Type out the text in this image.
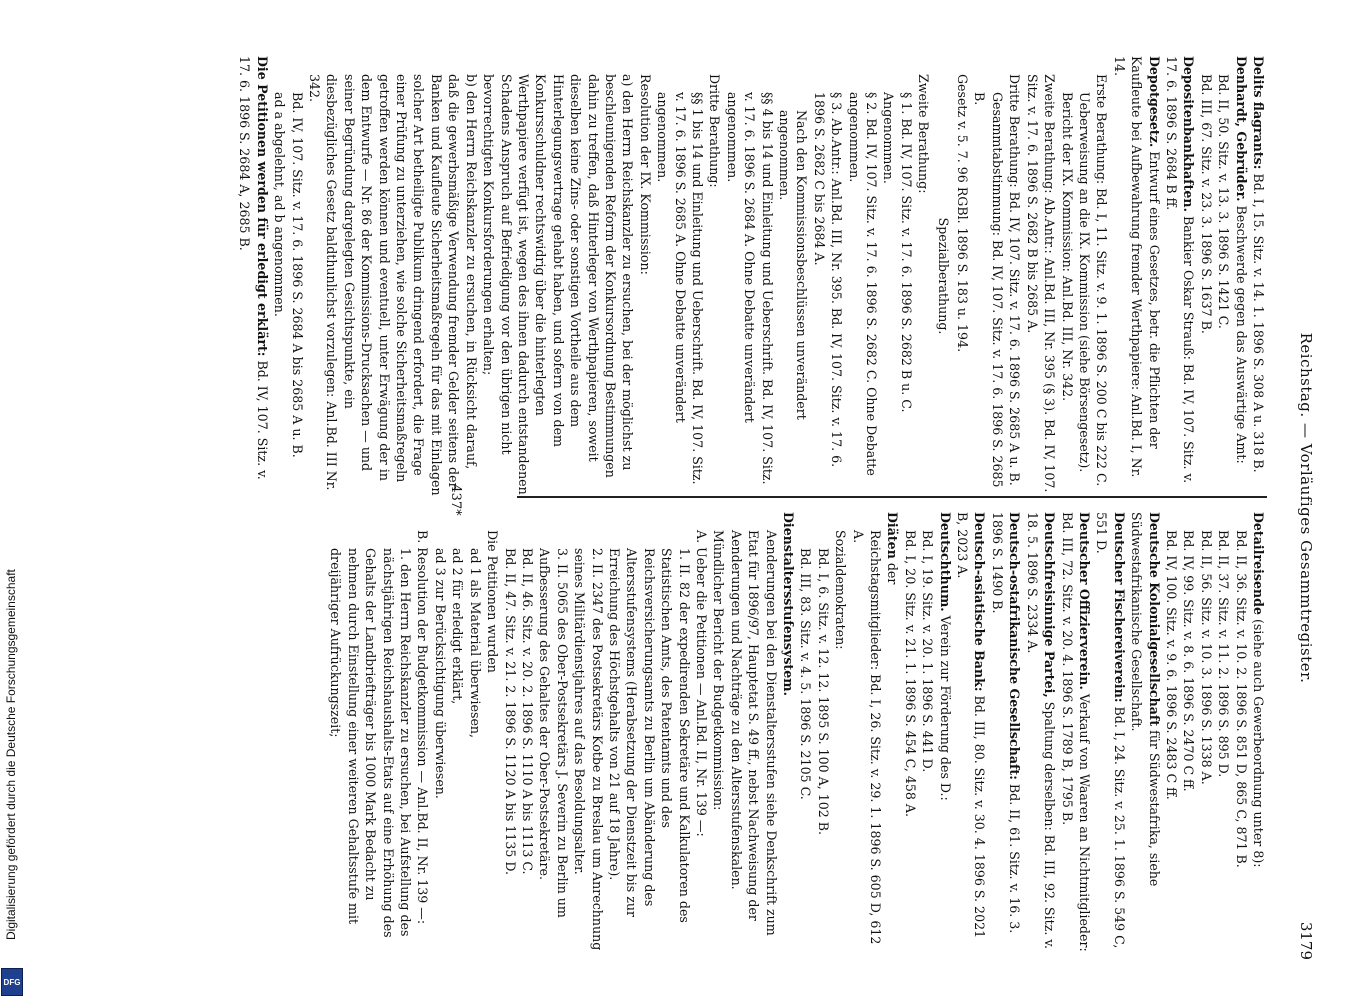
Reichstag. — Vorläufiges Gesammtregister.
3179

Delits flagrants: Bd. I, 15. Sitz. v. 14. 1. 1896 S. 308 A u. 318 B.

Denhardt, Gebrüder. Beschwerde gegen das Auswärtige Amt:

Bd. II, 50. Sitz. v. 13. 3. 1896 S. 1421 C.

Bd. III, 67. Sitz. v. 23. 3. 1896 S. 1637 B.

Depositenbankhaften. Bankier Oskar Strauß: Bd. IV, 107. Sitz. v. 17. 6. 1896 S. 2684 B ff.

Depotgesetz. Entwurf eines Gesetzes, betr. die Pflichten der Kaufleute bei Aufbewahrung fremder Werthpapiere: Anl.Bd. I, Nr. 14.

Erste Berathung: Bd. I, 11. Sitz. v. 9. 1. 1896 S. 200 C bis 222 C.

Ueberweisung an die IX. Kommission (siehe Börsengesetz).

Bericht der IX. Kommission: Anl.Bd. III, Nr. 342.

Zweite Berathung: Ab.Antr.: Anl.Bd. III, Nr. 395 (§ 3). Bd. IV, 107. Sitz. v. 17. 6. 1896 S. 2682 B bis 2685 A.

Dritte Berathung: Bd. IV, 107. Sitz. v. 17. 6. 1896 S. 2685 A u. B.

Gesammtabstimmung: Bd. IV, 107. Sitz. v. 17. 6. 1896 S. 2685 B.

Gesetz v. 5. 7. 96 RGBl. 1896 S. 183 u. 194.

Spezialberathung.

Zweite Berathung:

§ 1. Bd. IV, 107. Sitz. v. 17. 6. 1896 S. 2682 B u. C. Angenommen.

§ 2. Bd. IV, 107. Sitz. v. 17. 6. 1896 S. 2682 C. Ohne Debatte angenommen.

§ 3. Ab.Antr.: Anl.Bd. III, Nr. 395. Bd. IV, 107. Sitz. v. 17. 6. 1896 S. 2682 C bis 2684 A.

Nach den Kommissionsbeschlüssen unverändert angenommen.

§§ 4 bis 14 und Einleitung und Ueberschrift. Bd. IV, 107. Sitz. v. 17. 6. 1896 S. 2684 A. Ohne Debatte unverändert angenommen.

Dritte Berathung:

§§ 1 bis 14 und Einleitung und Ueberschrift. Bd. IV, 107. Sitz. v. 17. 6. 1896 S. 2685 A. Ohne Debatte unverändert angenommen.

Resolution der IX. Kommission:

a) den Herrn Reichskanzler zu ersuchen, bei der möglichst zu beschleunigenden Reform der Konkursordnung Bestimmungen dahin zu treffen, daß Hinterleger von Werthpapieren, soweit dieselben keine Zins- oder sonstigen Vortheile aus dem Hinterlegungsvertrage gehabt haben, und sofern von dem Konkursschuldner rechtswidrig über die hinterlegten Werthpapiere verfügt ist, wegen des ihnen dadurch entstandenen Schadens Anspruch auf Befriedigung vor den übrigen nicht bevorrechtigten Konkursforderungen erhalten;

b) den Herrn Reichskanzler zu ersuchen, in Rücksicht darauf, daß die gewerbsmäßige Verwendung fremder Gelder seitens der Banken und Kaufleute Sicherheitsmaßregeln für das mit Einlagen solcher Art betheiligte Publikum dringend erfordert, die Frage einer Prüfung zu unterziehen, wie solche Sicherheitsmaßregeln getroffen werden können und eventuell, unter Erwägung der in dem Entwurfe — Nr. 86 der Kommissions-Drucksachen — und seiner Begründung dargelegten Gesichtspunkte, ein diesbezügliches Gesetz baldthunlichst vorzulegen: Anl.Bd. III Nr. 342.

Bd. IV, 107. Sitz. v. 17. 6. 1896 S. 2684 A bis 2685 A u. B.

ad a abgelehnt, ad b angenommen.

Die Petitionen werden für erledigt erklärt: Bd. IV, 107. Sitz. v. 17. 6. 1896 S. 2684 A, 2685 B.

Detailreisende (siehe auch Gewerbeordnung unter 8):

Bd. II, 36. Sitz. v. 10. 2. 1896 S. 851 D, 865 C, 871 B.

Bd. II, 37. Sitz. v. 11. 2. 1896 S. 895 D.

Bd. II, 56. Sitz. v. 10. 3. 1896 S. 1338 A.

Bd. IV, 99. Sitz. v. 8. 6. 1896 S. 2470 C ff.

Bd. IV, 100. Sitz. v. 9. 6. 1896 S. 2483 C ff.

Deutsche Kolonialgesellschaft für Südwestafrika, siehe Südwestafrikanische Gesellschaft.

Deutscher Fischereiverein: Bd. I, 24. Sitz. v. 25. 1. 1896 S. 549 C, 551 D.

Deutscher Offizierverein. Verkauf von Waaren an Nichtmitglieder: Bd. III, 72. Sitz. v. 20. 4. 1896 S. 1789 B, 1795 B.

Deutschfreisinnige Partei, Spaltung derselben: Bd. III, 92. Sitz. v. 18. 5. 1896 S. 2334 A.

Deutsch-ostafrikanische Gesellschaft: Bd. II, 61. Sitz. v. 16. 3. 1896 S. 1490 B.

Deutsch-asiatische Bank: Bd. III, 80. Sitz. v. 30. 4. 1896 S. 2021 B, 2023 A.

Deutschthum. Verein zur Förderung des D.:

Bd. I, 19. Sitz. v. 20. 1. 1896 S. 441 D.

Bd. I, 20. Sitz. v. 21. 1. 1896 S. 454 C, 458 A.

Diäten der

Reichstagsmitglieder: Bd. I, 26. Sitz. v. 29. 1. 1896 S. 605 D, 612 A.

Sozialdemokraten:

Bd. I, 6. Sitz. v. 12. 12. 1895 S. 100 A, 102 B.

Bd. III, 83. Sitz. v. 4. 5. 1896 S. 2105 C.

Dienstaltersstufensystem.

Aenderungen bei den Dienstaltersstufen siehe Denkschrift zum Etat für 1896/97, Hauptetat S. 49 ff., nebst Nachweisung der Aenderungen und Nachträge zu den Altersstufenskalen.

Mündlicher Bericht der Budgetkommission:

A. Ueber die Petitionen — Anl.Bd. II, Nr. 139 —:

1. II. 82 der expedirenden Sekretäre und Kalkulatoren des Statistischen Amts, des Patentamts und des Reichsversicherungsamts zu Berlin um Abänderung des Altersstufensystems (Herabsetzung der Dienstzeit bis zur Erreichung des Höchstgehalts von 21 auf 18 Jahre).

2. II. 2347 des Postsekretärs Kotbe zu Breslau um Anrechnung seines Militärdienstjahres auf das Besoldungsalter.

3. II. 5065 des Ober-Postsekretärs J. Severin zu Berlin um Aufbesserung des Gehaltes der Ober-Postsekretäre.

Bd. II, 46. Sitz. v. 20. 2. 1896 S. 1110 A bis 1113 C.

Bd. II, 47. Sitz. v. 21. 2. 1896 S. 1120 A bis 1135 D.

Die Petitionen wurden

ad 1 als Material überwiesen,

ad 2 für erledigt erklärt,

ad 3 zur Berücksichtigung überwiesen.

B. Resolution der Budgetkommission — Anl.Bd. II, Nr. 139 —:

1. den Herrn Reichskanzler zu ersuchen, bei Aufstellung des nächstjährigen Reichshaushalts-Etats auf eine Erhöhung des Gehalts der Landbriefträger bis 1000 Mark Bedacht zu nehmen durch Einstellung einer weiteren Gehaltsstufe mit dreijähriger Aufrückungszeit;

437*
Digitalisierung gefördert durch die Deutsche Forschungsgemeinschaft
DFG
